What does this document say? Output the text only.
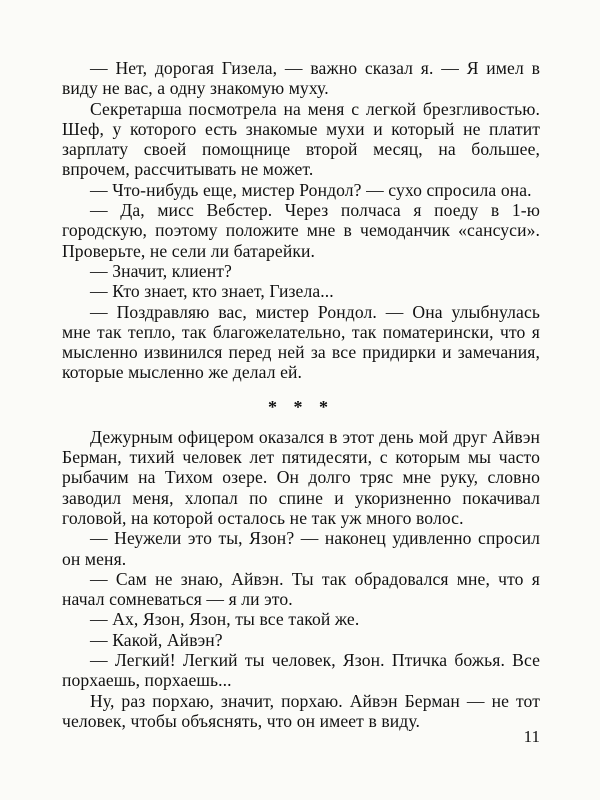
— Нет, дорогая Гизела, — важно сказал я. — Я имел в виду не вас, а одну знакомую муху.

Секретарша посмотрела на меня с легкой брезгливостью. Шеф, у которого есть знакомые мухи и который не платит зарплату своей помощнице второй месяц, на большее, впрочем, рассчитывать не может.

— Что-нибудь еще, мистер Рондол? — сухо спросила она.

— Да, мисс Вебстер. Через полчаса я поеду в 1-ю городскую, поэтому положите мне в чемоданчик «сансуси». Проверьте, не сели ли батарейки.

— Значит, клиент?

— Кто знает, кто знает, Гизела...

— Поздравляю вас, мистер Рондол. — Она улыбнулась мне так тепло, так благожелательно, так поматерински, что я мысленно извинился перед ней за все придирки и замечания, которые мысленно же делал ей.

* * *

Дежурным офицером оказался в этот день мой друг Айвэн Берман, тихий человек лет пятидесяти, с которым мы часто рыбачим на Тихом озере. Он долго тряс мне руку, словно заводил меня, хлопал по спине и укоризненно покачивал головой, на которой осталось не так уж много волос.

— Неужели это ты, Язон? — наконец удивленно спросил он меня.

— Сам не знаю, Айвэн. Ты так обрадовался мне, что я начал сомневаться — я ли это.

— Ах, Язон, Язон, ты все такой же.

— Какой, Айвэн?

— Легкий! Легкий ты человек, Язон. Птичка божья. Все порхаешь, порхаешь...

Ну, раз порхаю, значит, порхаю. Айвэн Берман — не тот человек, чтобы объяснять, что он имеет в виду.

11
